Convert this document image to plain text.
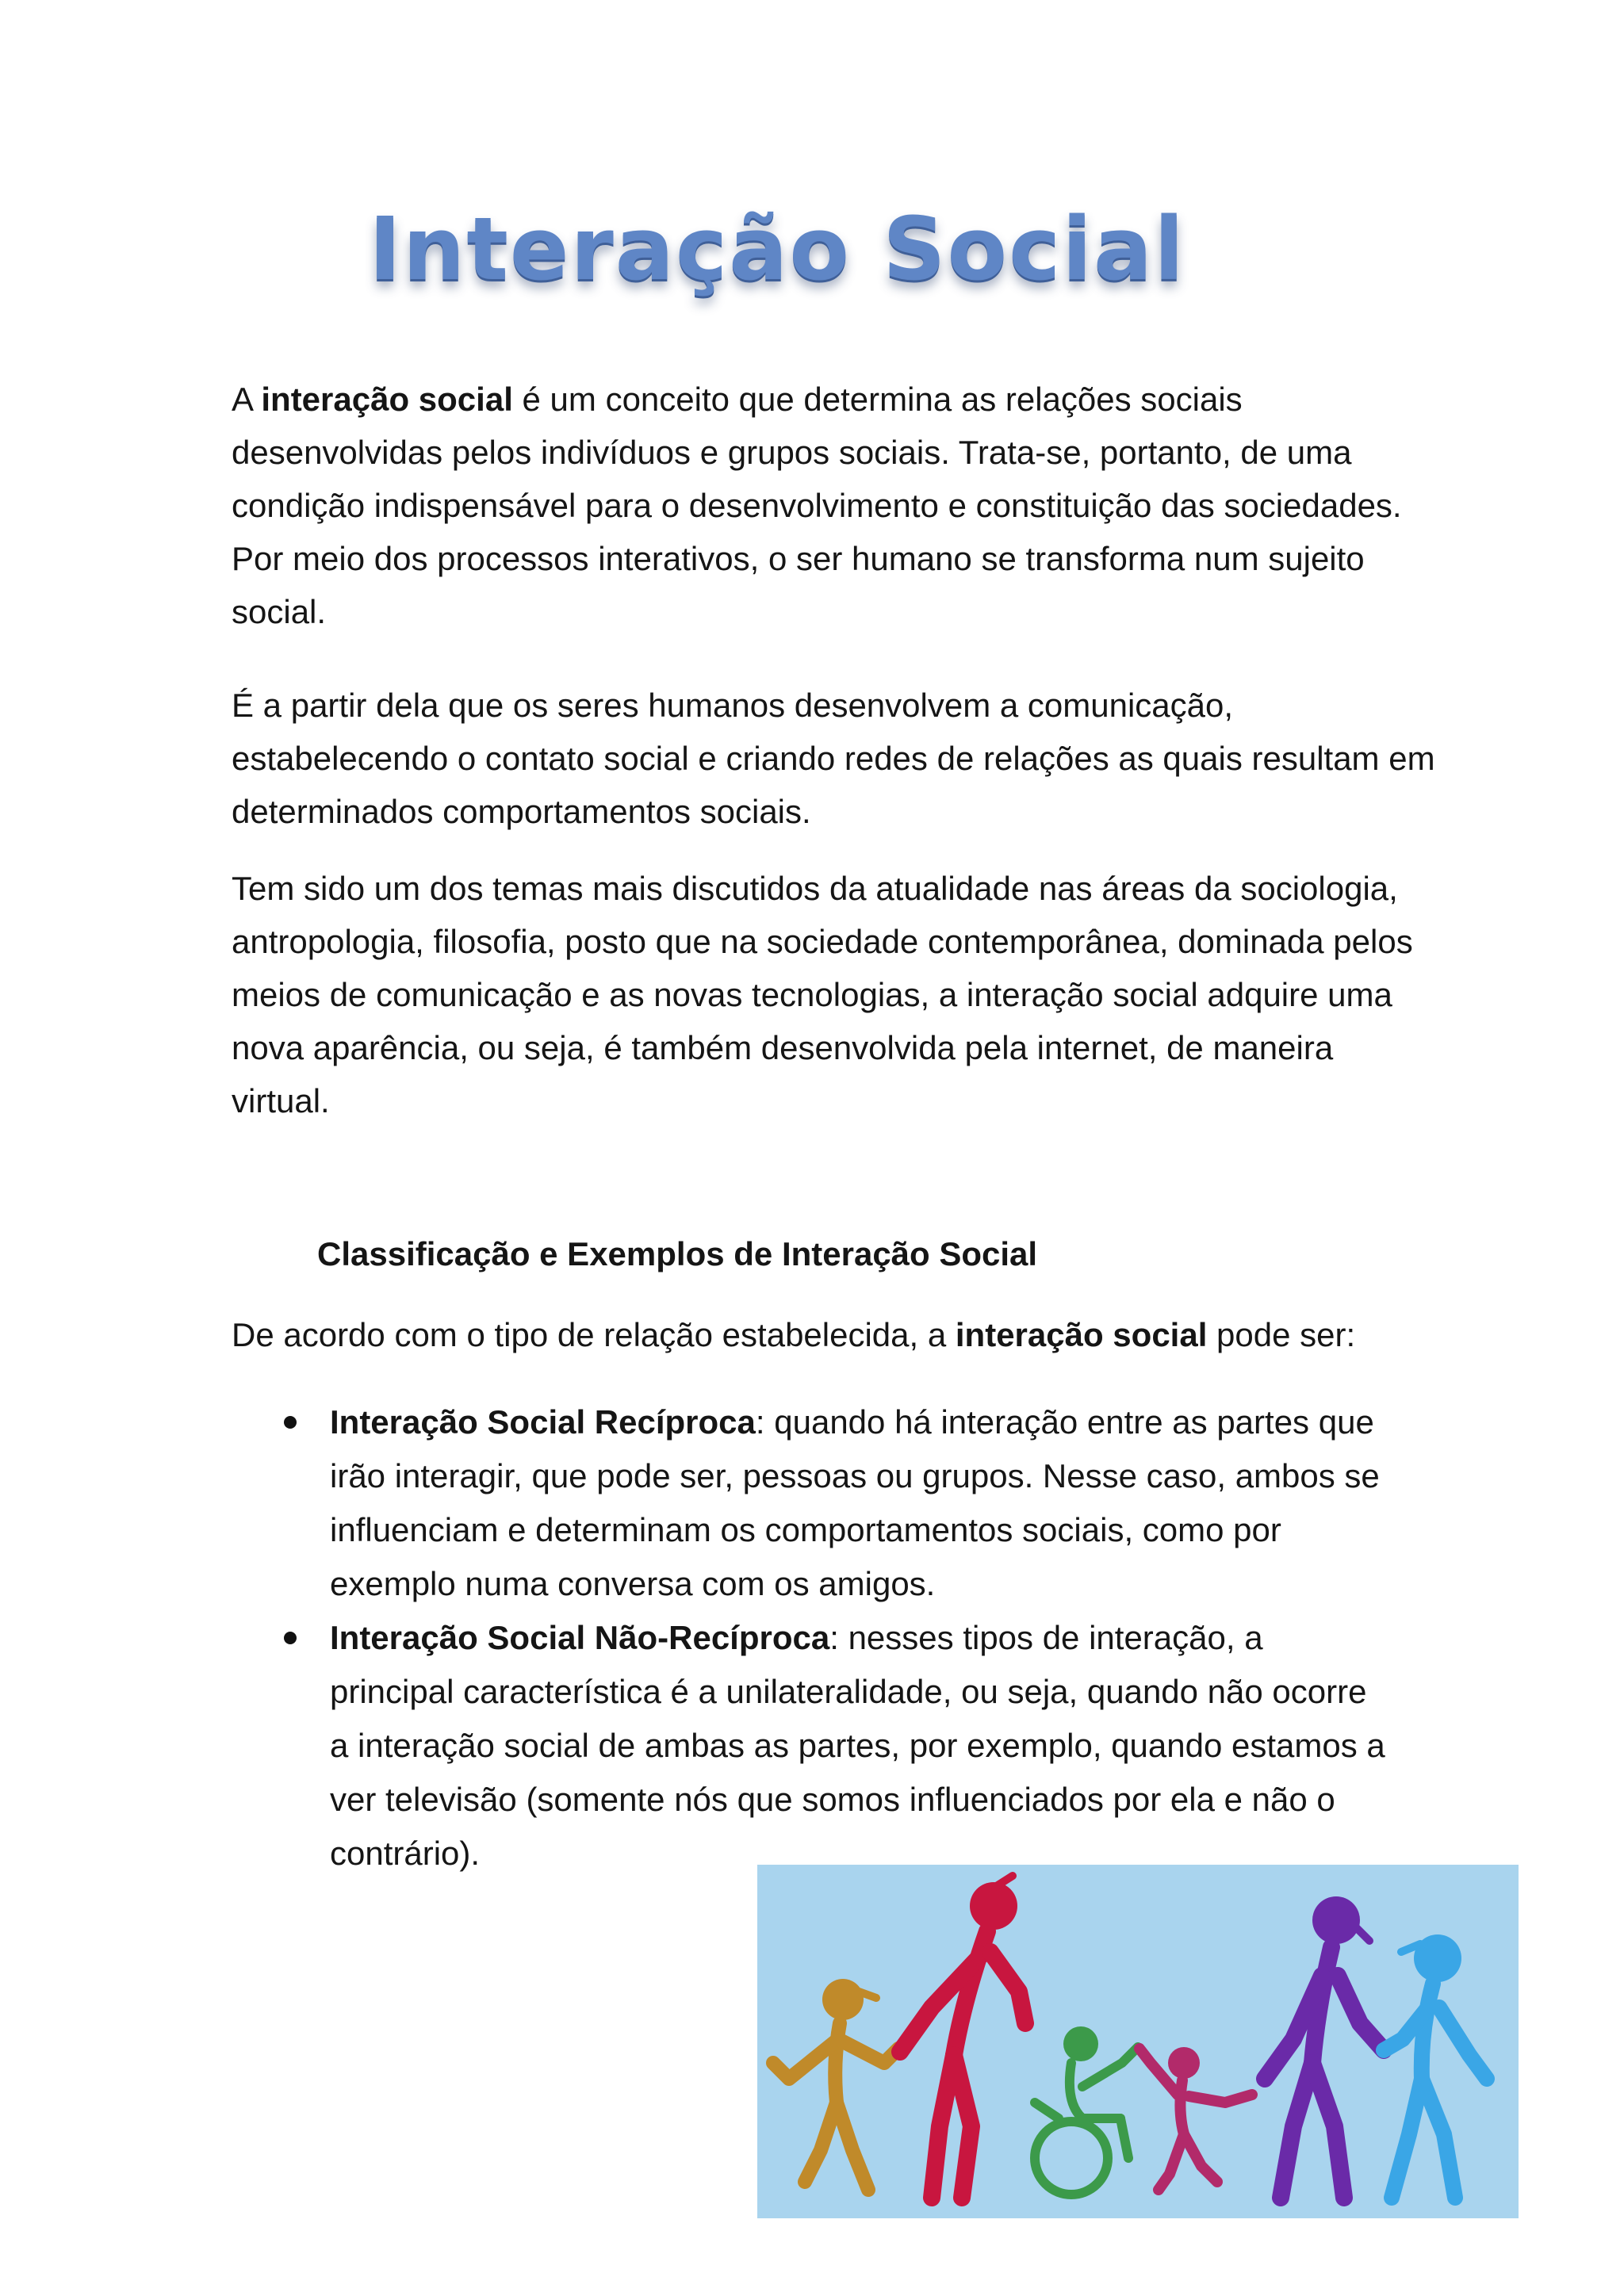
Interação Social

A interação social é um conceito que determina as relações sociais desenvolvidas pelos indivíduos e grupos sociais. Trata-se, portanto, de uma condição indispensável para o desenvolvimento e constituição das sociedades. Por meio dos processos interativos, o ser humano se transforma num sujeito social.

É a partir dela que os seres humanos desenvolvem a comunicação, estabelecendo o contato social e criando redes de relações as quais resultam em determinados comportamentos sociais.

Tem sido um dos temas mais discutidos da atualidade nas áreas da sociologia, antropologia, filosofia, posto que na sociedade contemporânea, dominada pelos meios de comunicação e as novas tecnologias, a interação social adquire uma nova aparência, ou seja, é também desenvolvida pela internet, de maneira virtual.

Classificação e Exemplos de Interação Social
De acordo com o tipo de relação estabelecida, a interação social pode ser:
Interação Social Recíproca: quando há interação entre as partes que irão interagir, que pode ser, pessoas ou grupos. Nesse caso, ambos se influenciam e determinam os comportamentos sociais, como por exemplo numa conversa com os amigos.
Interação Social Não-Recíproca: nesses tipos de interação, a principal característica é a unilateralidade, ou seja, quando não ocorre a interação social de ambas as partes, por exemplo, quando estamos a ver televisão (somente nós que somos influenciados por ela e não o contrário).
